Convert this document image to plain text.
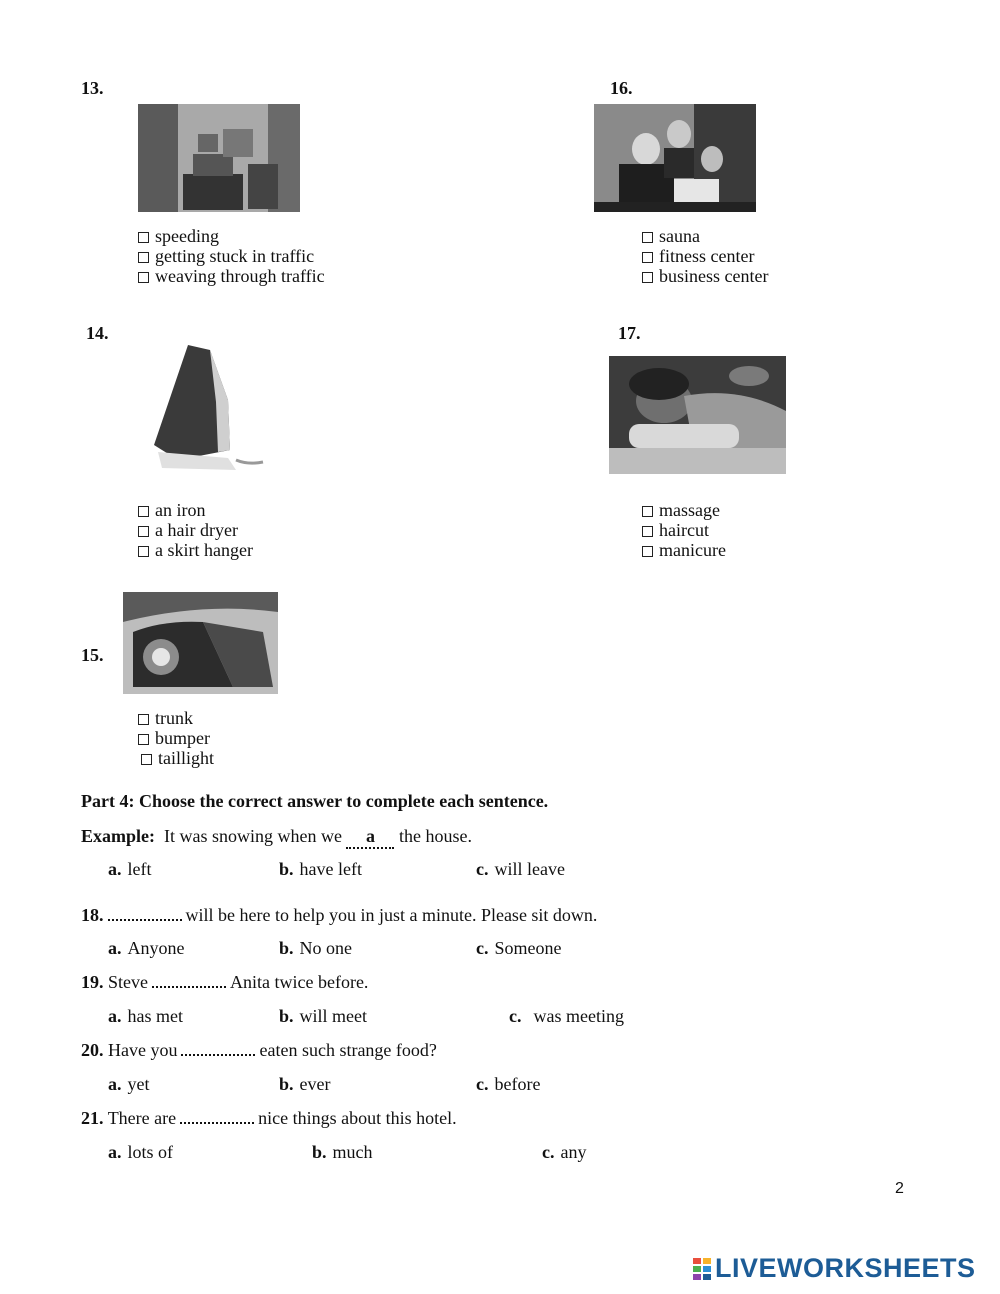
13.
speeding
getting stuck in traffic
weaving through traffic
16.
sauna
fitness center
business center
14.
an iron
a hair dryer
a skirt hanger
17.
massage
haircut
manicure
15.
trunk
bumper
taillight
Part 4: Choose the correct answer to complete each sentence.
Example: It was snowing when we a the house.
a. left	b. have left	c. will leave
18.	will be here to help you in just a minute. Please sit down.
a. Anyone	b. No one	c. Someone
19. Steve	Anita twice before.
a. has met	b. will meet	c. was meeting
20. Have you	eaten such strange food?
a. yet	b. ever	c. before
21. There are	nice things about this hotel.
a. lots of	b. much	c. any
2
LIVEWORKSHEETS
